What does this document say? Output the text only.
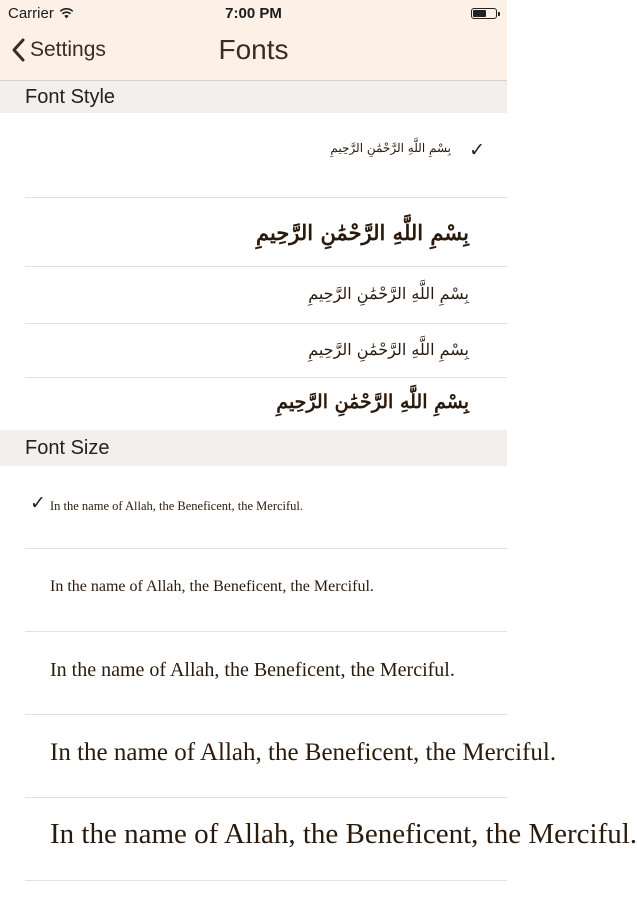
Carrier	7:00 PM
Settings	Fonts
Font Style
بِسْمِ اللَّهِ الرَّحْمَٰنِ الرَّحِيمِ ✓
بِسْمِ اللَّهِ الرَّحْمَٰنِ الرَّحِيمِ
بِسْمِ اللَّهِ الرَّحْمَٰنِ الرَّحِيمِ
بِسْمِ اللَّهِ الرَّحْمَٰنِ الرَّحِيمِ
بِسْمِ اللَّهِ الرَّحْمَٰنِ الرَّحِيمِ
Font Size
✓ In the name of Allah, the Beneficent, the Merciful.
In the name of Allah, the Beneficent, the Merciful.
In the name of Allah, the Beneficent, the Merciful.
In the name of Allah, the Beneficent, the Merciful.
In the name of Allah, the Beneficent, the Merciful.
